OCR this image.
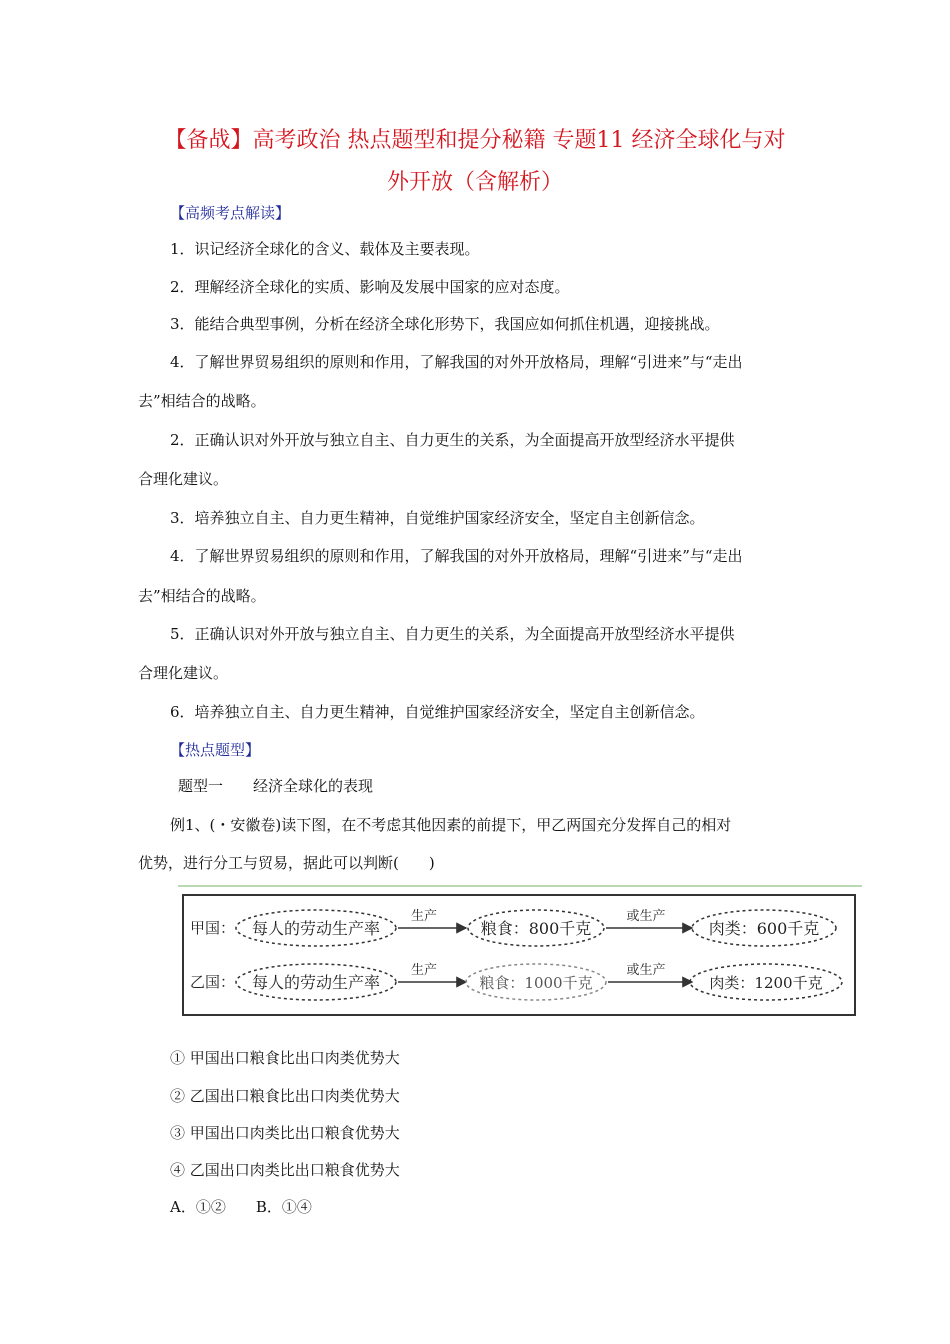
【备战】高考政治 热点题型和提分秘籍 专题11 经济全球化与对
外开放（含解析）
【高频考点解读】
1．识记经济全球化的含义、载体及主要表现。
2．理解经济全球化的实质、影响及发展中国家的应对态度。
3．能结合典型事例，分析在经济全球化形势下，我国应如何抓住机遇，迎接挑战。
4．了解世界贸易组织的原则和作用，了解我国的对外开放格局，理解“引进来”与“走出
去”相结合的战略。
2．正确认识对外开放与独立自主、自力更生的关系，为全面提高开放型经济水平提供
合理化建议。
3．培养独立自主、自力更生精神，自觉维护国家经济安全，坚定自主创新信念。
4．了解世界贸易组织的原则和作用，了解我国的对外开放格局，理解“引进来”与“走出
去”相结合的战略。
5．正确认识对外开放与独立自主、自力更生的关系，为全面提高开放型经济水平提供
合理化建议。
6．培养独立自主、自力更生精神，自觉维护国家经济安全，坚定自主创新信念。
【热点题型】
题型一　　经济全球化的表现
例1、(・安徽卷)读下图，在不考虑其他因素的前提下，甲乙两国充分发挥自己的相对
优势，进行分工与贸易，据此可以判断(　　)
甲国： 每人的劳动生产率
生产
粮食：800千克
或生产
肉类：600千克
乙国： 每人的劳动生产率
生产
粮食：1000千克
或生产
肉类：1200千克
① 甲国出口粮食比出口肉类优势大
② 乙国出口粮食比出口肉类优势大
③ 甲国出口肉类比出口粮食优势大
④ 乙国出口肉类比出口粮食优势大
A．①②　　B．①④
